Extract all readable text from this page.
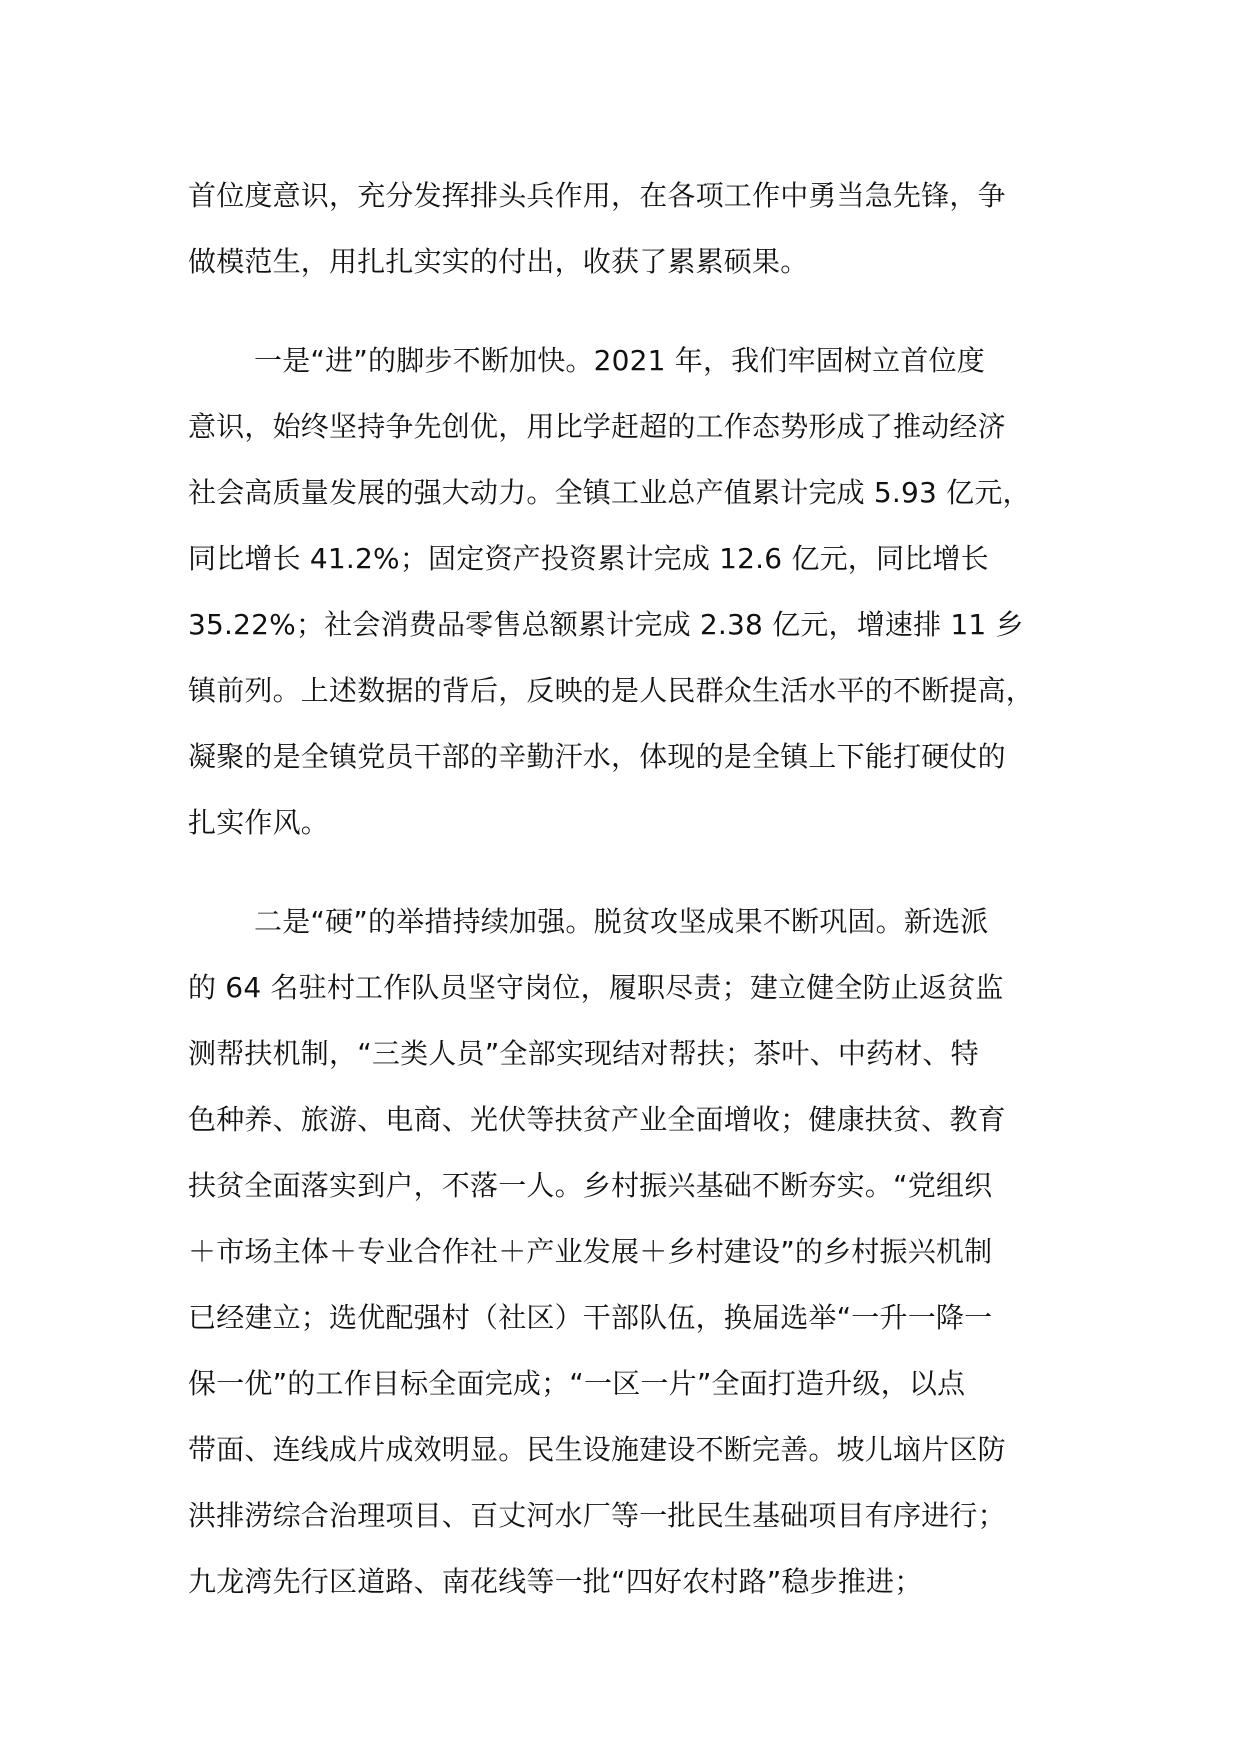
首位度意识，充分发挥排头兵作用，在各项工作中勇当急先锋，争
做模范生，用扎扎实实的付出，收获了累累硕果。
一是“进”的脚步不断加快。2021 年，我们牢固树立首位度
意识，始终坚持争先创优，用比学赶超的工作态势形成了推动经济
社会高质量发展的强大动力。全镇工业总产值累计完成 5.93 亿元，
同比增长 41.2%；固定资产投资累计完成 12.6 亿元，同比增长
35.22%；社会消费品零售总额累计完成 2.38 亿元，增速排 11 乡
镇前列。上述数据的背后，反映的是人民群众生活水平的不断提高，
凝聚的是全镇党员干部的辛勤汗水，体现的是全镇上下能打硬仗的
扎实作风。
二是“硬”的举措持续加强。脱贫攻坚成果不断巩固。新选派
的 64 名驻村工作队员坚守岗位，履职尽责；建立健全防止返贫监
测帮扶机制，“三类人员”全部实现结对帮扶；茶叶、中药材、特
色种养、旅游、电商、光伏等扶贫产业全面增收；健康扶贫、教育
扶贫全面落实到户，不落一人。乡村振兴基础不断夯实。“党组织
＋市场主体＋专业合作社＋产业发展＋乡村建设”的乡村振兴机制
已经建立；选优配强村（社区）干部队伍，换届选举“一升一降一
保一优”的工作目标全面完成；“一区一片”全面打造升级，以点
带面、连线成片成效明显。民生设施建设不断完善。坡儿垴片区防
洪排涝综合治理项目、百丈河水厂等一批民生基础项目有序进行；
九龙湾先行区道路、南花线等一批“四好农村路”稳步推进；
